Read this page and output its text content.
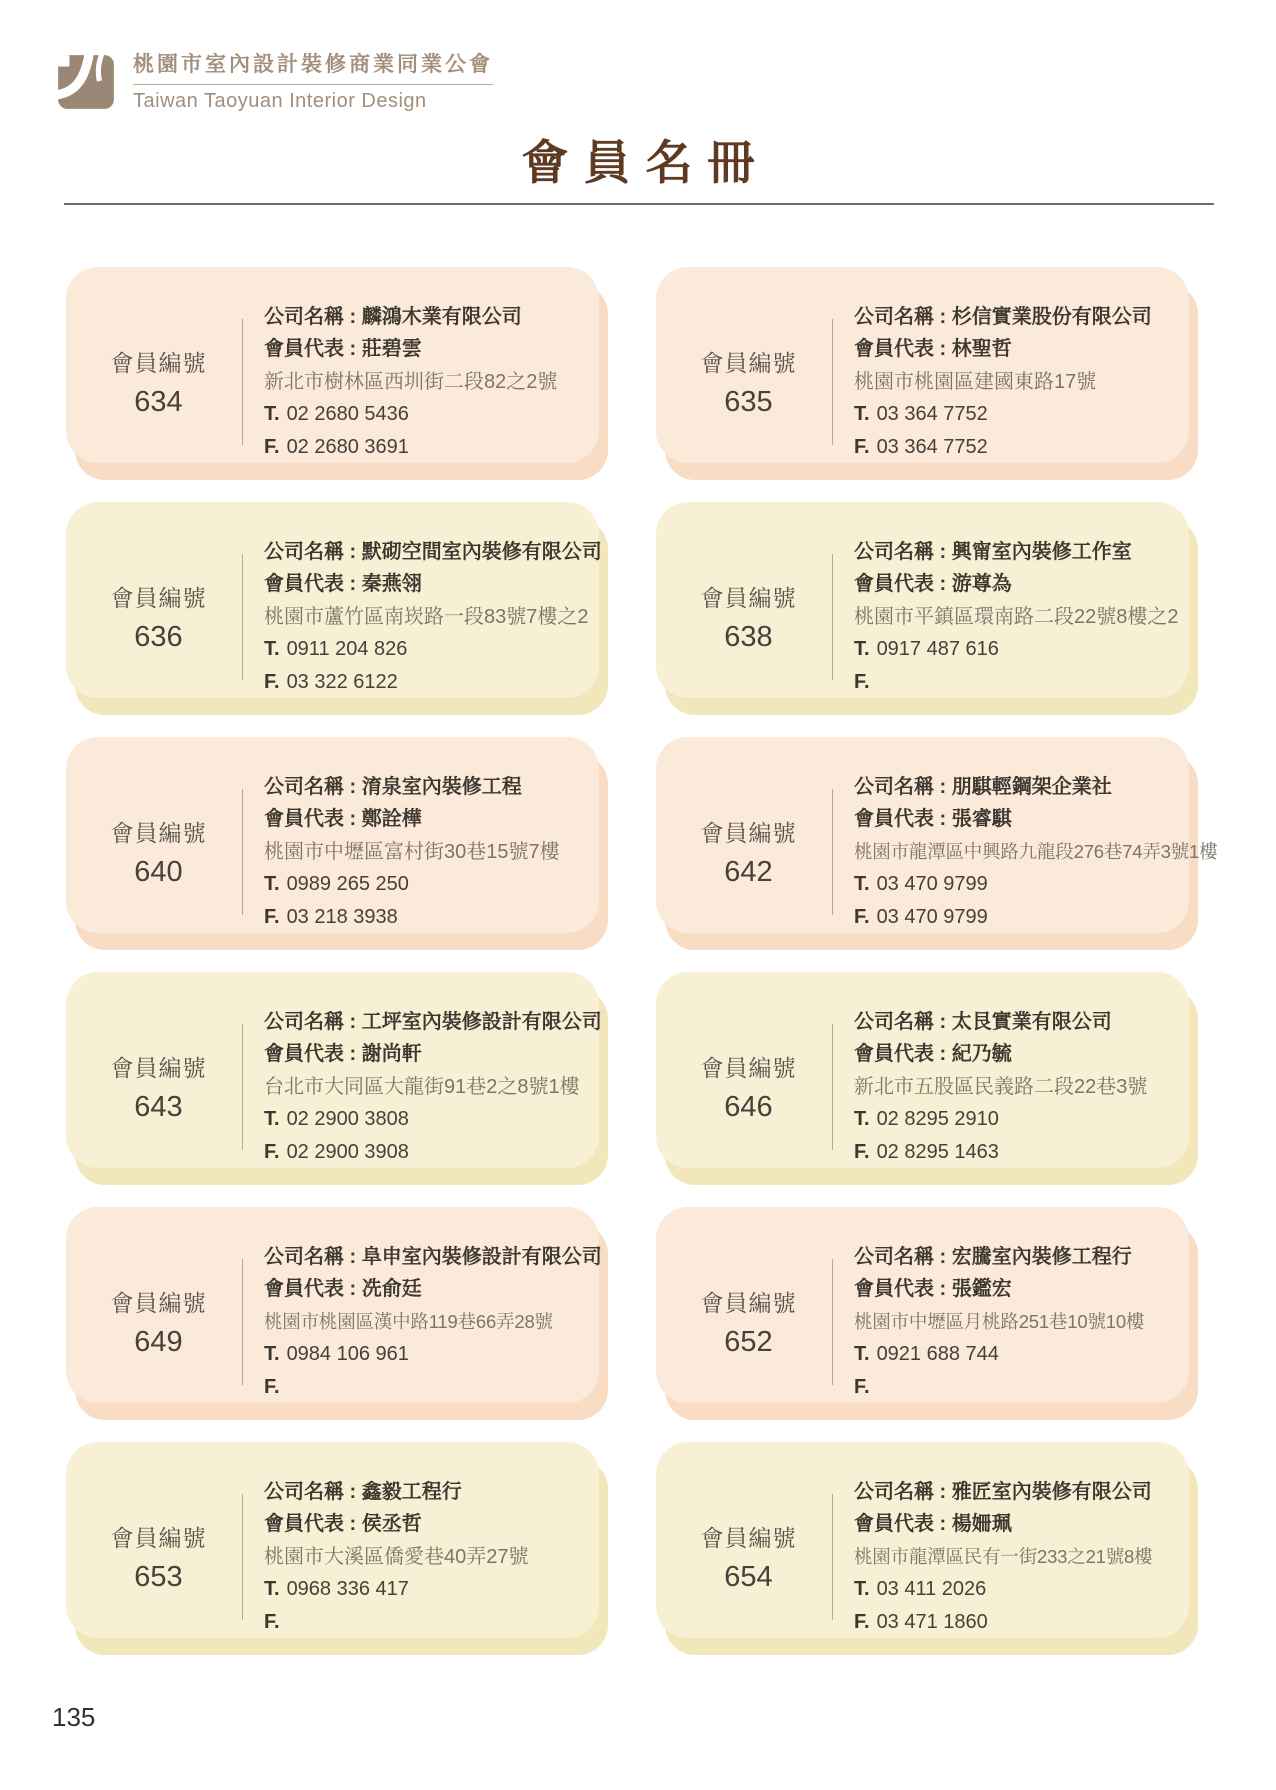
桃園市室內設計裝修商業同業公會
Taiwan Taoyuan Interior Design
會員名冊
會員編號
634
公司名稱 : 麟鴻木業有限公司
會員代表 : 莊碧雲
新北市樹林區西圳街二段82之2號
T. 02 2680 5436
F. 02 2680 3691
會員編號
635
公司名稱 : 杉信實業股份有限公司
會員代表 : 林聖哲
桃園市桃園區建國東路17號
T. 03 364 7752
F. 03 364 7752
會員編號
636
公司名稱 : 默砌空間室內裝修有限公司
會員代表 : 秦燕翎
桃園市蘆竹區南崁路一段83號7樓之2
T. 0911 204 826
F. 03 322 6122
會員編號
638
公司名稱 : 興甯室內裝修工作室
會員代表 : 游尊為
桃園市平鎮區環南路二段22號8樓之2
T. 0917 487 616
F.
會員編號
640
公司名稱 : 淯泉室內裝修工程
會員代表 : 鄭詮樺
桃園市中壢區富村街30巷15號7樓
T. 0989 265 250
F. 03 218 3938
會員編號
642
公司名稱 : 朋騏輕鋼架企業社
會員代表 : 張睿騏
桃園市龍潭區中興路九龍段276巷74弄3號1樓
T. 03 470 9799
F. 03 470 9799
會員編號
643
公司名稱 : 工坪室內裝修設計有限公司
會員代表 : 謝尚軒
台北市大同區大龍街91巷2之8號1樓
T. 02 2900 3808
F. 02 2900 3908
會員編號
646
公司名稱 : 太艮實業有限公司
會員代表 : 紀乃毓
新北市五股區民義路二段22巷3號
T. 02 8295 2910
F. 02 8295 1463
會員編號
649
公司名稱 : 阜申室內裝修設計有限公司
會員代表 : 冼俞廷
桃園市桃園區漢中路119巷66弄28號
T. 0984 106 961
F.
會員編號
652
公司名稱 : 宏騰室內裝修工程行
會員代表 : 張鑑宏
桃園市中壢區月桃路251巷10號10樓
T. 0921 688 744
F.
會員編號
653
公司名稱 : 鑫毅工程行
會員代表 : 侯丞哲
桃園市大溪區僑愛巷40弄27號
T. 0968 336 417
F.
會員編號
654
公司名稱 : 雅匠室內裝修有限公司
會員代表 : 楊姍珮
桃園市龍潭區民有一街233之21號8樓
T. 03 411 2026
F. 03 471 1860
135
